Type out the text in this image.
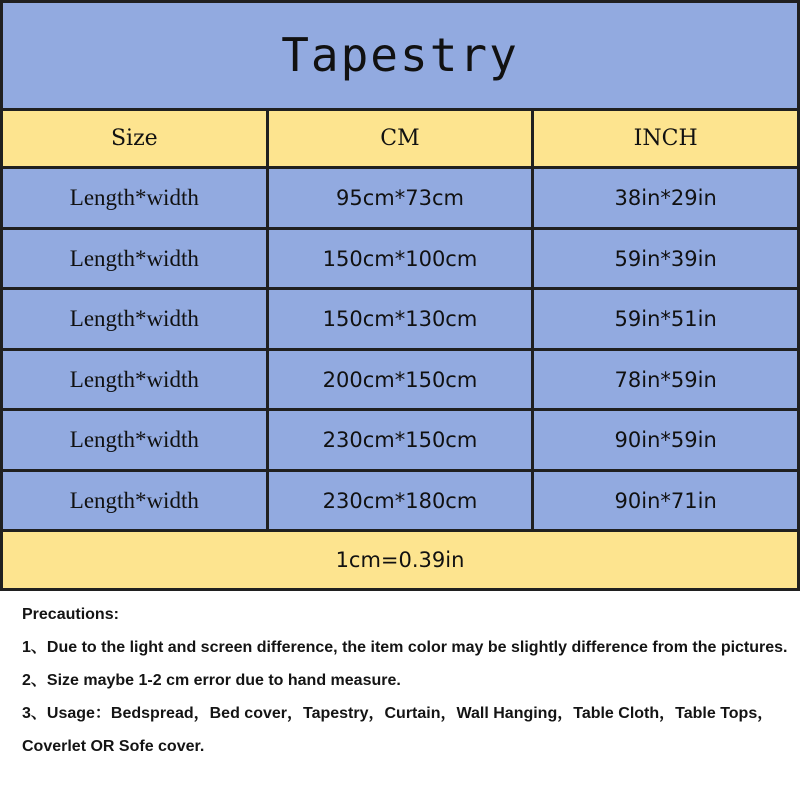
Tapestry		
Size	CM	INCH
Length*width	95cm*73cm	38in*29in
Length*width	150cm*100cm	59in*39in
Length*width	150cm*130cm	59in*51in
Length*width	200cm*150cm	78in*59in
Length*width	230cm*150cm	90in*59in
Length*width	230cm*180cm	90in*71in
1cm=0.39in		

Precautions:

1、Due to the light and screen difference, the item color may be slightly difference from the pictures.

2、Size maybe 1-2 cm error due to hand measure.

3、Usage：Bedspread，Bed cover，Tapestry，Curtain，Wall Hanging，Table Cloth，Table Tops，Coverlet OR Sofe cover.
